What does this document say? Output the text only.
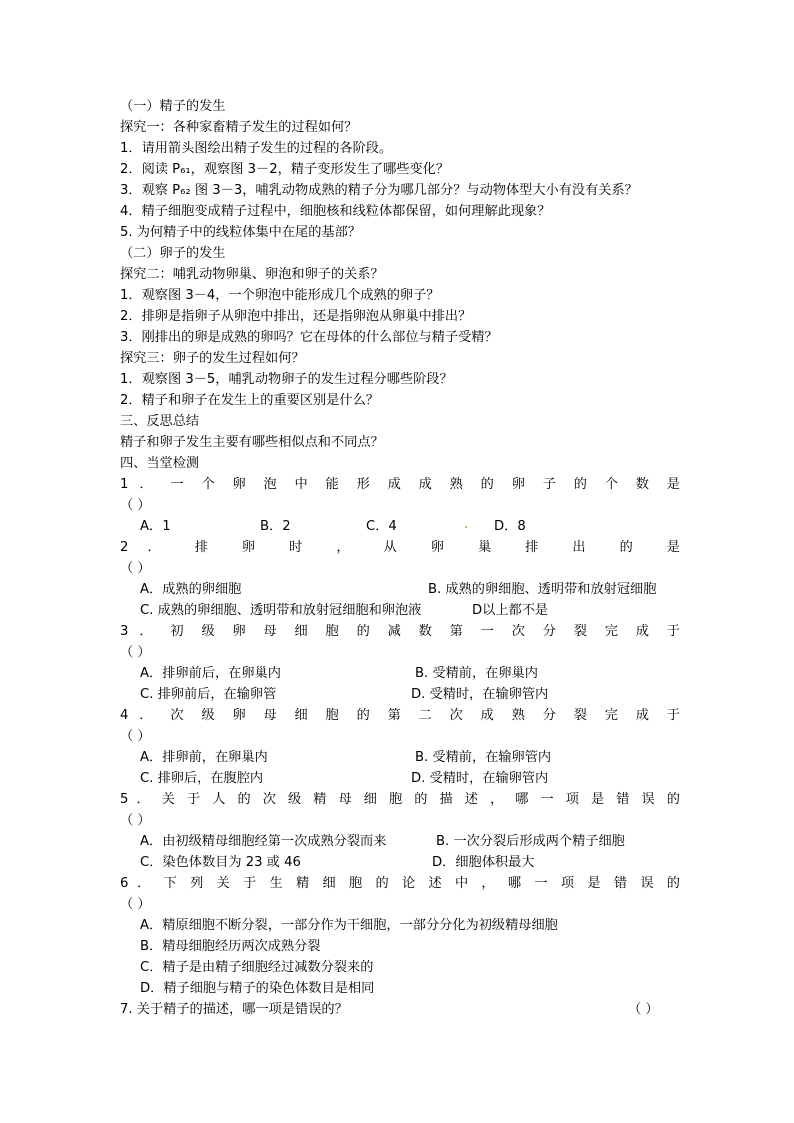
（一）精子的发生
探究一：各种家畜精子发生的过程如何？
1．请用箭头图绘出精子发生的过程的各阶段。
2．阅读 P₆₁，观察图 3－2，精子变形发生了哪些变化？
3．观察 P₆₂ 图 3－3，哺乳动物成熟的精子分为哪几部分？与动物体型大小有没有关系？
4．精子细胞变成精子过程中，细胞核和线粒体都保留，如何理解此现象？
5. 为何精子中的线粒体集中在尾的基部？
（二）卵子的发生
探究二：哺乳动物卵巢、卵泡和卵子的关系？
1．观察图 3－4，一个卵泡中能形成几个成熟的卵子？
2．排卵是指卵子从卵泡中排出，还是指卵泡从卵巢中排出？
3．刚排出的卵是成熟的卵吗？它在母体的什么部位与精子受精？
探究三：卵子的发生过程如何？
1．观察图 3－5，哺乳动物卵子的发生过程分哪些阶段？
2．精子和卵子在发生上的重要区别是什么？
三、反思总结
精子和卵子发生主要有哪些相似点和不同点？
四、当堂检测
1 ． 一 个 卵 泡 中 能 形 成 成 熟 的 卵 子 的 个 数 是
（ ）
A．1	B．2	C．4	D．8
2 ． 排 卵 时 ， 从 卵 巢 排 出 的 是
（ ）
A．成熟的卵细胞	B. 成熟的卵细胞、透明带和放射冠细胞
C. 成熟的卵细胞、透明带和放射冠细胞和卵泡液	D以上都不是
3 ． 初 级 卵 母 细 胞 的 减 数 第 一 次 分 裂 完 成 于
（ ）
A．排卵前后，在卵巢内	B. 受精前，在卵巢内
C. 排卵前后，在输卵管	D. 受精时，在输卵管内
4 ． 次 级 卵 母 细 胞 的 第 二 次 成 熟 分 裂 完 成 于
（ ）
A．排卵前，在卵巢内	B. 受精前，在输卵管内
C. 排卵后，在腹腔内	D. 受精时，在输卵管内
5 ． 关 于 人 的 次 级 精 母 细 胞 的 描 述 ， 哪 一 项 是 错 误 的
（ ）
A．由初级精母细胞经第一次成熟分裂而来	B. 一次分裂后形成两个精子细胞
C．染色体数目为 23 或 46	D．细胞体积最大
6 ． 下 列 关 于 生 精 细 胞 的 论 述 中 ， 哪 一 项 是 错 误 的
（ ）
A．精原细胞不断分裂，一部分作为干细胞，一部分分化为初级精母细胞
B．精母细胞经历两次成熟分裂
C．精子是由精子细胞经过减数分裂来的
D．精子细胞与精子的染色体数目是相同
7. 关于精子的描述，哪一项是错误的？	（ ）
